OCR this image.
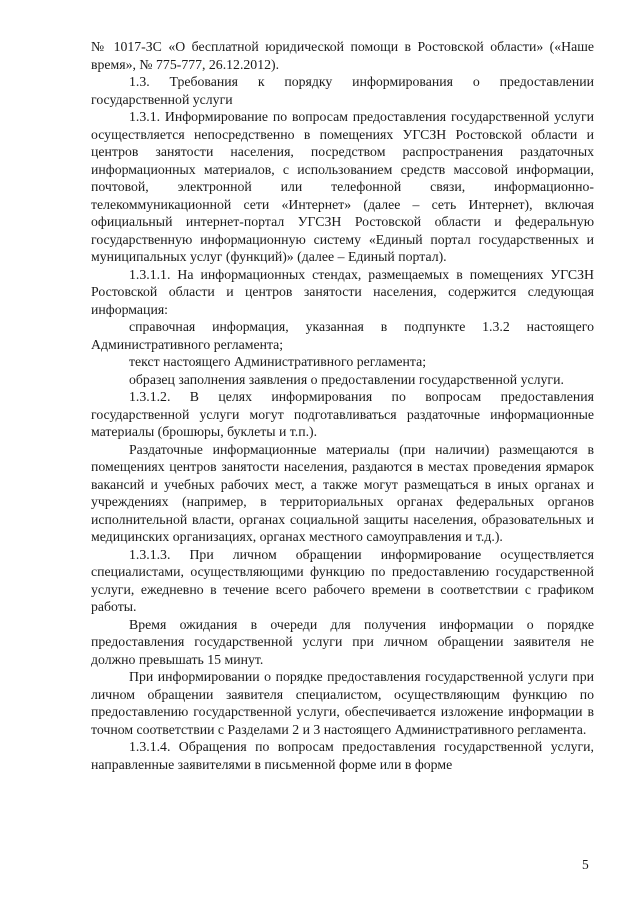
№ 1017-ЗС «О бесплатной юридической помощи в Ростовской области» («Наше время», № 775-777, 26.12.2012).

1.3. Требования к порядку информирования о предоставлении государственной услуги

1.3.1. Информирование по вопросам предоставления государственной услуги осуществляется непосредственно в помещениях УГСЗН Ростовской области и центров занятости населения, посредством распространения раздаточных информационных материалов, с использованием средств массовой информации, почтовой, электронной или телефонной связи, информационно-телекоммуникационной сети «Интернет» (далее – сеть Интернет), включая официальный интернет-портал УГСЗН Ростовской области и федеральную государственную информационную систему «Единый портал государственных и муниципальных услуг (функций)» (далее – Единый портал).

1.3.1.1. На информационных стендах, размещаемых в помещениях УГСЗН Ростовской области и центров занятости населения, содержится следующая информация:

справочная информация, указанная в подпункте 1.3.2 настоящего Административного регламента;

текст настоящего Административного регламента;

образец заполнения заявления о предоставлении государственной услуги.

1.3.1.2. В целях информирования по вопросам предоставления государственной услуги могут подготавливаться раздаточные информационные материалы (брошюры, буклеты и т.п.).

Раздаточные информационные материалы (при наличии) размещаются в помещениях центров занятости населения, раздаются в местах проведения ярмарок вакансий и учебных рабочих мест, а также могут размещаться в иных органах и учреждениях (например, в территориальных органах федеральных органов исполнительной власти, органах социальной защиты населения, образовательных и медицинских организациях, органах местного самоуправления и т.д.).

1.3.1.3. При личном обращении информирование осуществляется специалистами, осуществляющими функцию по предоставлению государственной услуги, ежедневно в течение всего рабочего времени в соответствии с графиком работы.

Время ожидания в очереди для получения информации о порядке предоставления государственной услуги при личном обращении заявителя не должно превышать 15 минут.

При информировании о порядке предоставления государственной услуги при личном обращении заявителя специалистом, осуществляющим функцию по предоставлению государственной услуги, обеспечивается изложение информации в точном соответствии с Разделами 2 и 3 настоящего Административного регламента.

1.3.1.4. Обращения по вопросам предоставления государственной услуги, направленные заявителями в письменной форме или в форме

5
